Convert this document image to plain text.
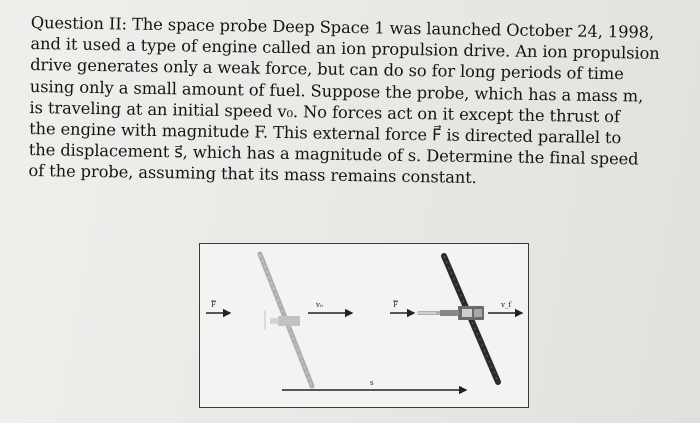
Question II: The space probe Deep Space 1 was launched October 24, 1998,

and it used a type of engine called an ion propulsion drive. An ion propulsion

drive generates only a weak force, but can do so for long periods of time

using only a small amount of fuel. Suppose the probe, which has a mass m,

is traveling at an initial speed v₀. No forces act on it except the thrust of

the engine with magnitude F. This external force F⃗ is directed parallel to

the displacement s⃗, which has a magnitude of s. Determine the final speed

of the probe, assuming that its mass remains constant.

F	v₀	F	v_f
s
